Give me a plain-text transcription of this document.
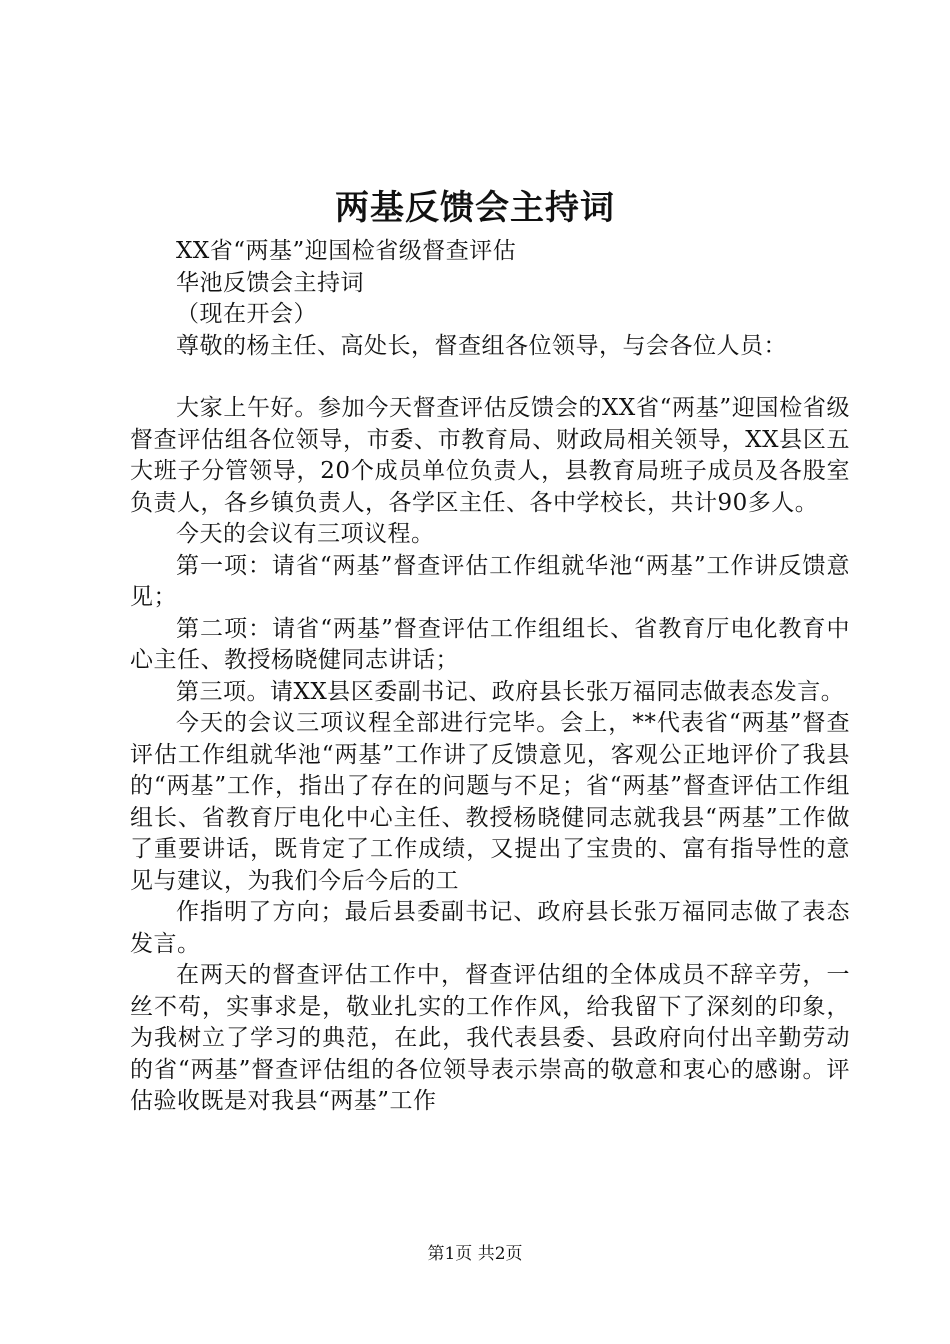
两基反馈会主持词

XX省“两基”迎国检省级督查评估

华池反馈会主持词

（现在开会）

尊敬的杨主任、高处长，督查组各位领导，与会各位人员：

大家上午好。参加今天督查评估反馈会的XX省“两基”迎国检省级督查评估组各位领导，市委、市教育局、财政局相关领导，XX县区五大班子分管领导，20个成员单位负责人，县教育局班子成员及各股室负责人，各乡镇负责人，各学区主任、各中学校长，共计90多人。

今天的会议有三项议程。

第一项：请省“两基”督查评估工作组就华池“两基”工作讲反馈意见；

第二项：请省“两基”督查评估工作组组长、省教育厅电化教育中心主任、教授杨晓健同志讲话；

第三项。请XX县区委副书记、政府县长张万福同志做表态发言。

今天的会议三项议程全部进行完毕。会上，**代表省“两基”督查评估工作组就华池“两基”工作讲了反馈意见，客观公正地评价了我县的“两基”工作，指出了存在的问题与不足；省“两基”督查评估工作组组长、省教育厅电化中心主任、教授杨晓健同志就我县“两基”工作做了重要讲话，既肯定了工作成绩，又提出了宝贵的、富有指导性的意见与建议，为我们今后今后的工

作指明了方向；最后县委副书记、政府县长张万福同志做了表态发言。

在两天的督查评估工作中，督查评估组的全体成员不辞辛劳，一丝不苟，实事求是，敬业扎实的工作作风，给我留下了深刻的印象，为我树立了学习的典范，在此，我代表县委、县政府向付出辛勤劳动的省“两基”督查评估组的各位领导表示崇高的敬意和衷心的感谢。评估验收既是对我县“两基”工作

第1页 共2页
